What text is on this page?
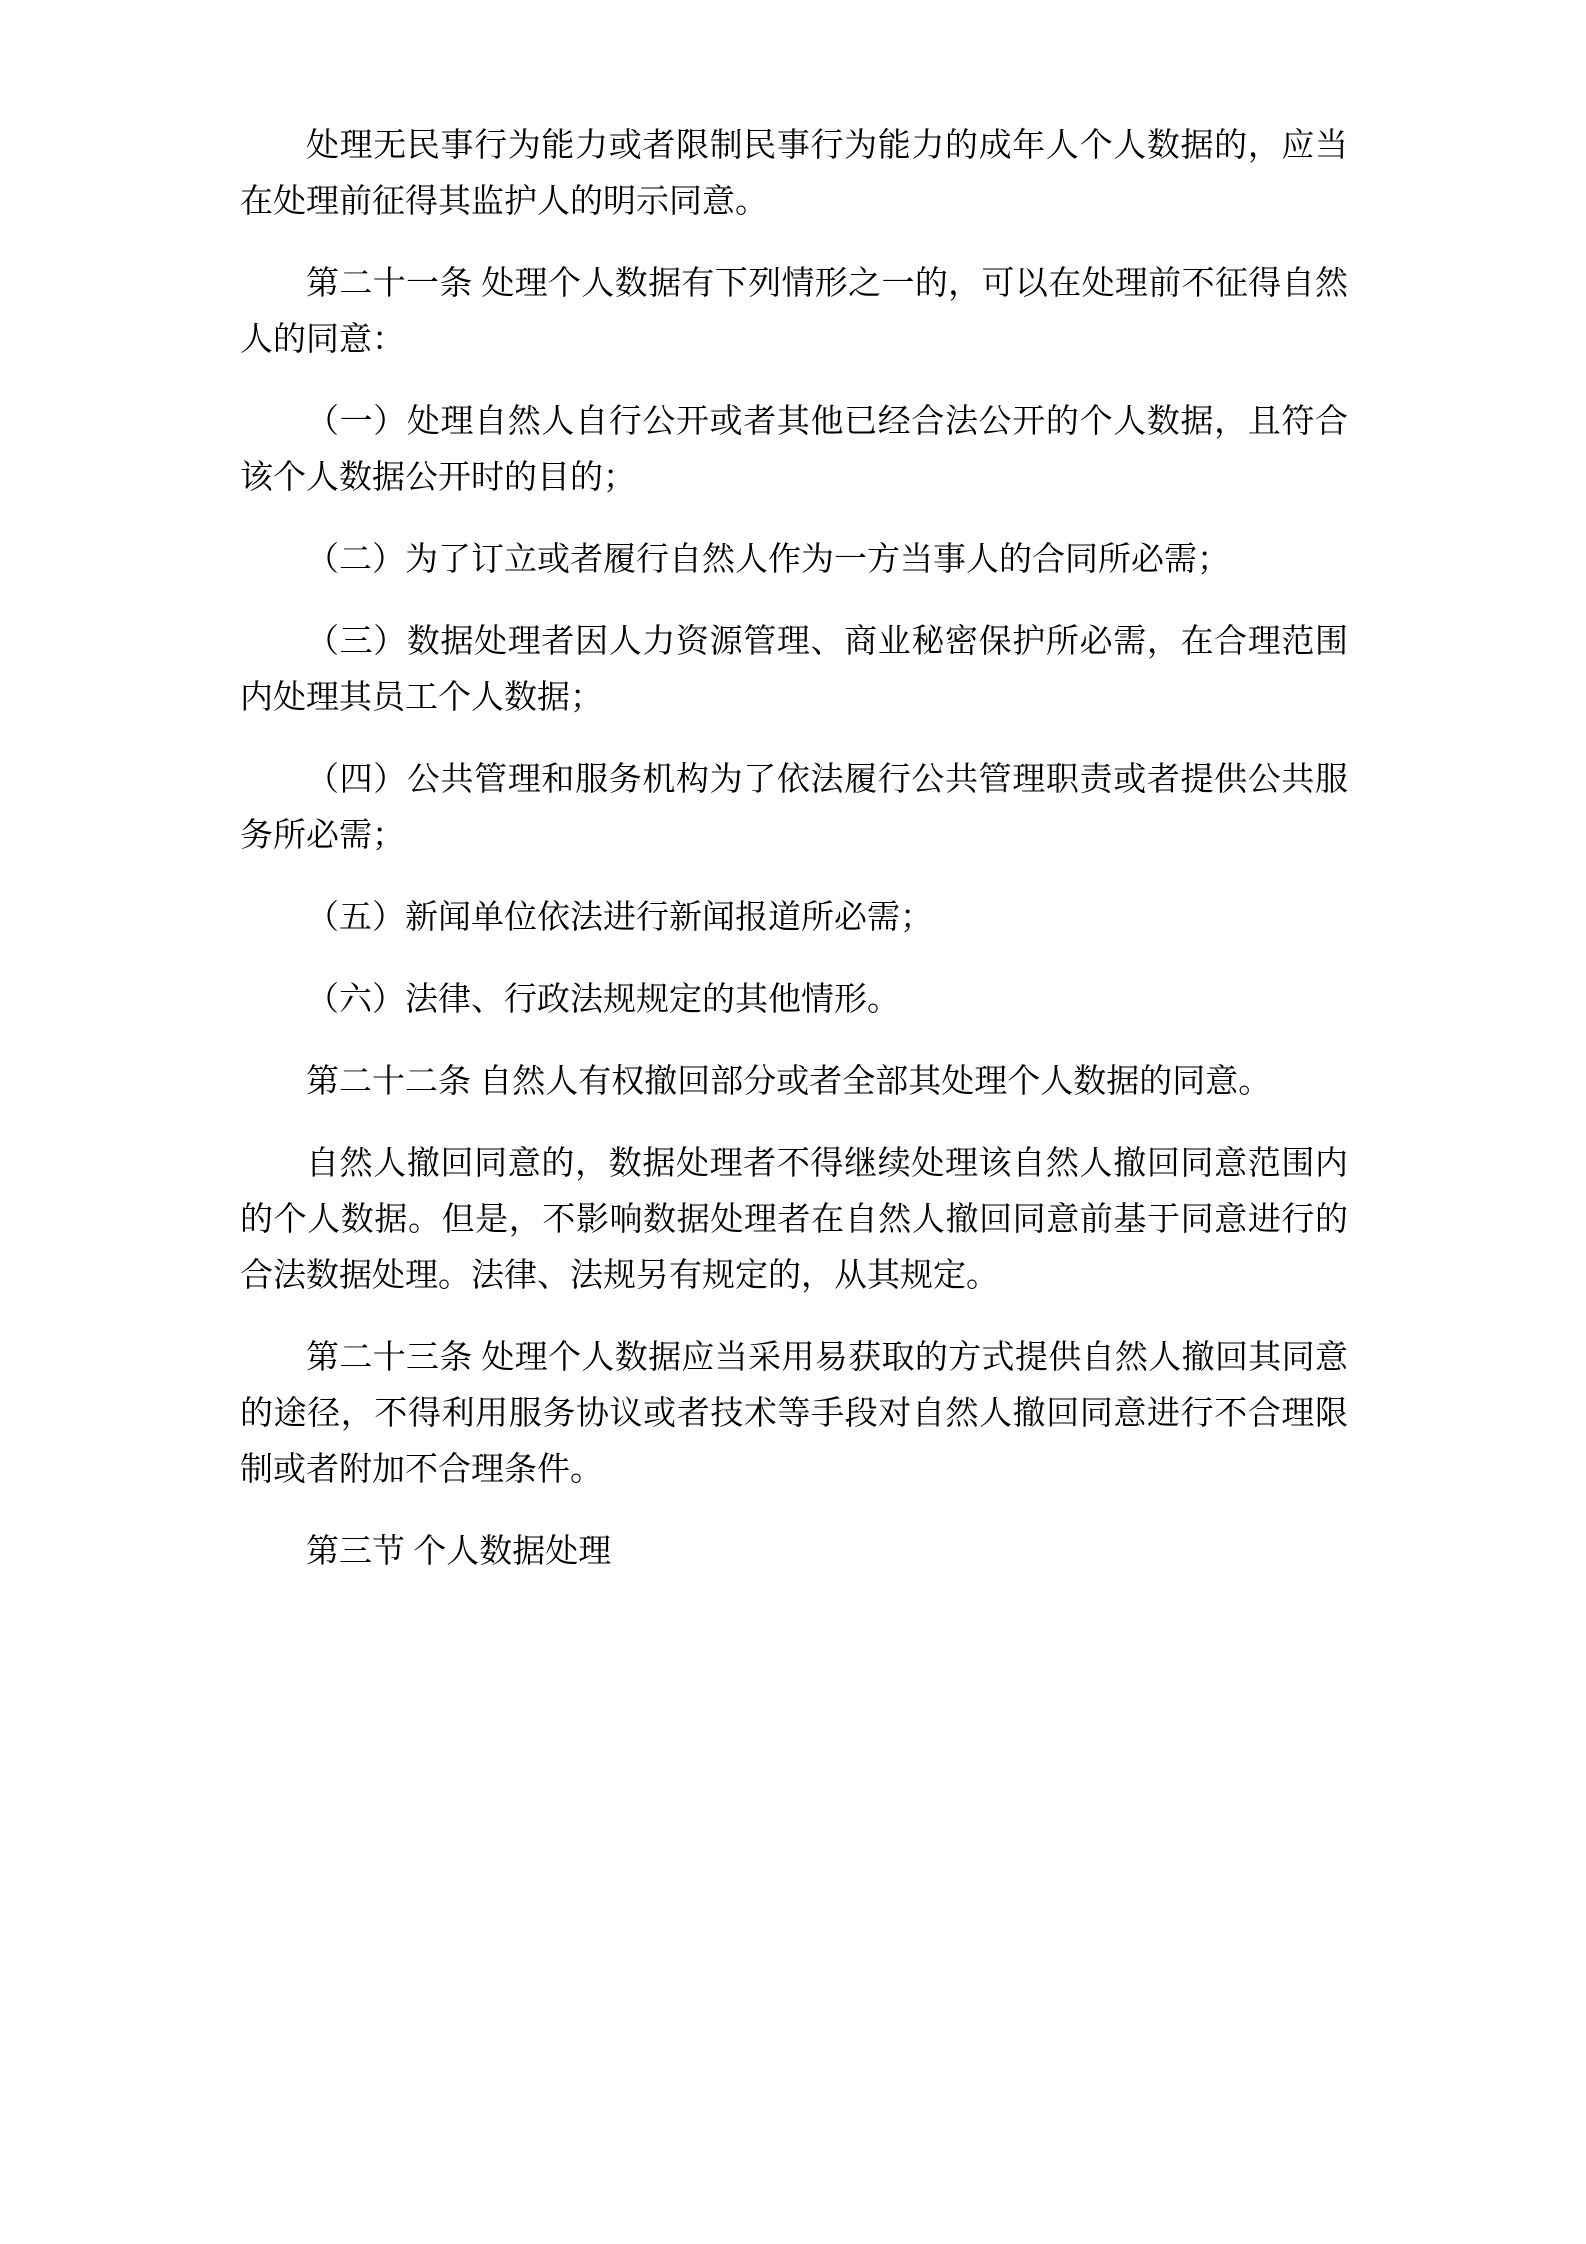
处理无民事行为能力或者限制民事行为能力的成年人个人数据的，应当在处理前征得其监护人的明示同意。

第二十一条 处理个人数据有下列情形之一的，可以在处理前不征得自然人的同意：

（一）处理自然人自行公开或者其他已经合法公开的个人数据，且符合该个人数据公开时的目的；

（二）为了订立或者履行自然人作为一方当事人的合同所必需；

（三）数据处理者因人力资源管理、商业秘密保护所必需，在合理范围内处理其员工个人数据；

（四）公共管理和服务机构为了依法履行公共管理职责或者提供公共服务所必需；

（五）新闻单位依法进行新闻报道所必需；

（六）法律、行政法规规定的其他情形。

第二十二条 自然人有权撤回部分或者全部其处理个人数据的同意。

自然人撤回同意的，数据处理者不得继续处理该自然人撤回同意范围内的个人数据。但是，不影响数据处理者在自然人撤回同意前基于同意进行的合法数据处理。法律、法规另有规定的，从其规定。

第二十三条 处理个人数据应当采用易获取的方式提供自然人撤回其同意的途径，不得利用服务协议或者技术等手段对自然人撤回同意进行不合理限制或者附加不合理条件。

第三节 个人数据处理
